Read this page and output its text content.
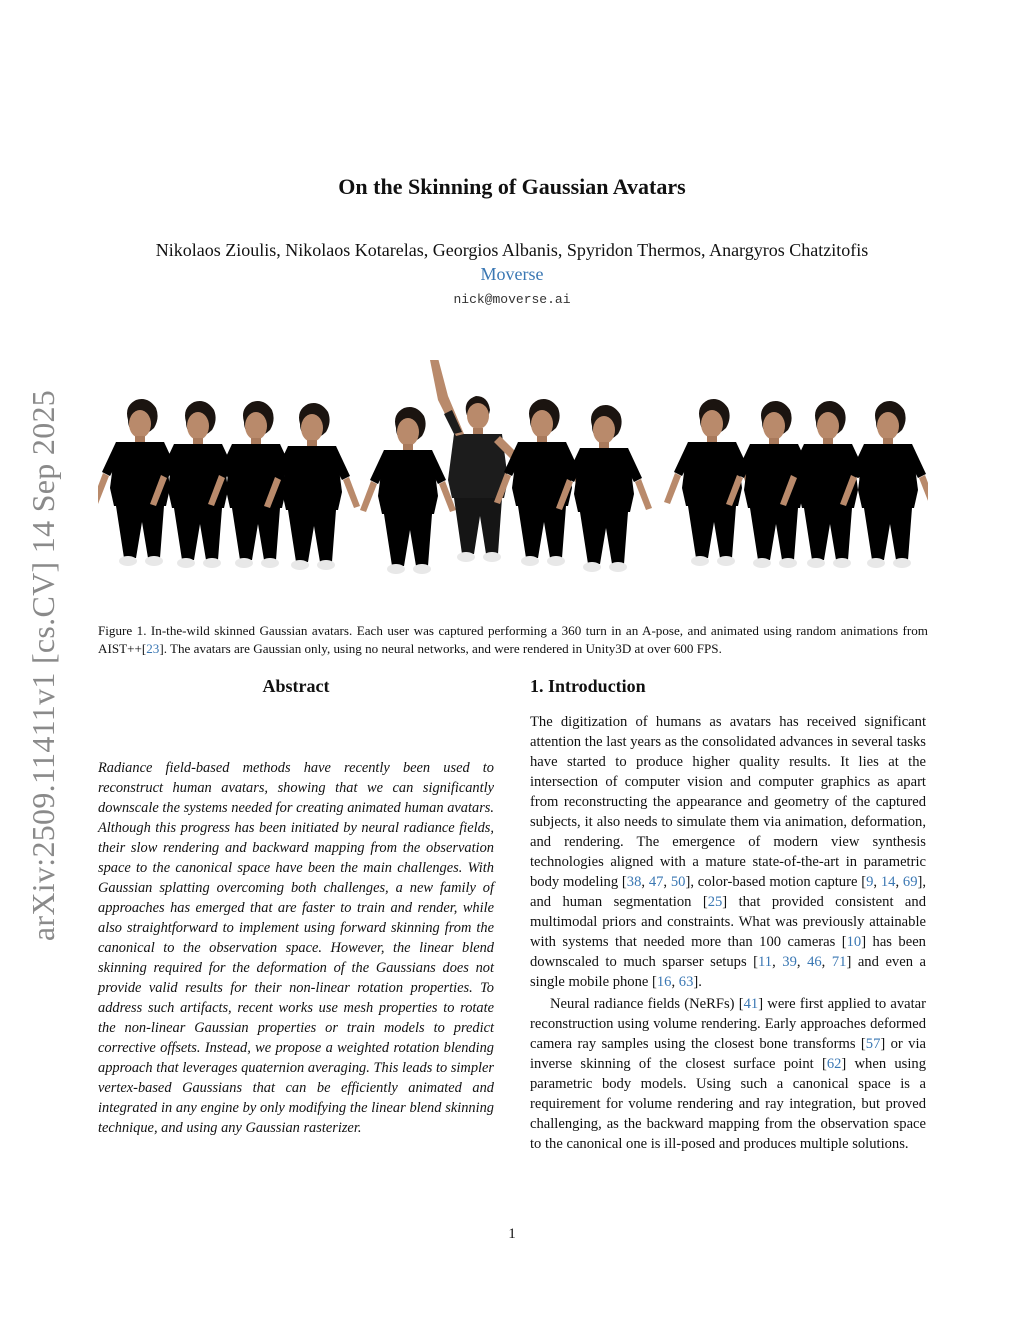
arXiv:2509.11411v1 [cs.CV] 14 Sep 2025
On the Skinning of Gaussian Avatars
Nikolaos Zioulis, Nikolaos Kotarelas, Georgios Albanis, Spyridon Thermos, Anargyros Chatzitofis
Moverse
nick@moverse.ai

Figure 1. In-the-wild skinned Gaussian avatars. Each user was captured performing a 360 turn in an A-pose, and animated using random animations from AIST++[23]. The avatars are Gaussian only, using no neural networks, and were rendered in Unity3D at over 600 FPS.

Abstract

Radiance field-based methods have recently been used to reconstruct human avatars, showing that we can significantly downscale the systems needed for creating animated human avatars. Although this progress has been initiated by neural radiance fields, their slow rendering and backward mapping from the observation space to the canonical space have been the main challenges. With Gaussian splatting overcoming both challenges, a new family of approaches has emerged that are faster to train and render, while also straightforward to implement using forward skinning from the canonical to the observation space. However, the linear blend skinning required for the deformation of the Gaussians does not provide valid results for their non-linear rotation properties. To address such artifacts, recent works use mesh properties to rotate the non-linear Gaussian properties or train models to predict corrective offsets. Instead, we propose a weighted rotation blending approach that leverages quaternion averaging. This leads to simpler vertex-based Gaussians that can be efficiently animated and integrated in any engine by only modifying the linear blend skinning technique, and using any Gaussian rasterizer.

1. Introduction

The digitization of humans as avatars has received significant attention the last years as the consolidated advances in several tasks have started to produce higher quality results. It lies at the intersection of computer vision and computer graphics as apart from reconstructing the appearance and geometry of the captured subjects, it also needs to simulate them via animation, deformation, and rendering. The emergence of modern view synthesis technologies aligned with a mature state-of-the-art in parametric body modeling [38, 47, 50], color-based motion capture [9, 14, 69], and human segmentation [25] that provided consistent and multimodal priors and constraints. What was previously attainable with systems that needed more than 100 cameras [10] has been downscaled to much sparser setups [11, 39, 46, 71] and even a single mobile phone [16, 63].

Neural radiance fields (NeRFs) [41] were first applied to avatar reconstruction using volume rendering. Early approaches deformed camera ray samples using the closest bone transforms [57] or via inverse skinning of the closest surface point [62] when using parametric body models. Using such a canonical space is a requirement for volume rendering and ray integration, but proved challenging, as the backward mapping from the observation space to the canonical one is ill-posed and produces multiple solutions.

1
